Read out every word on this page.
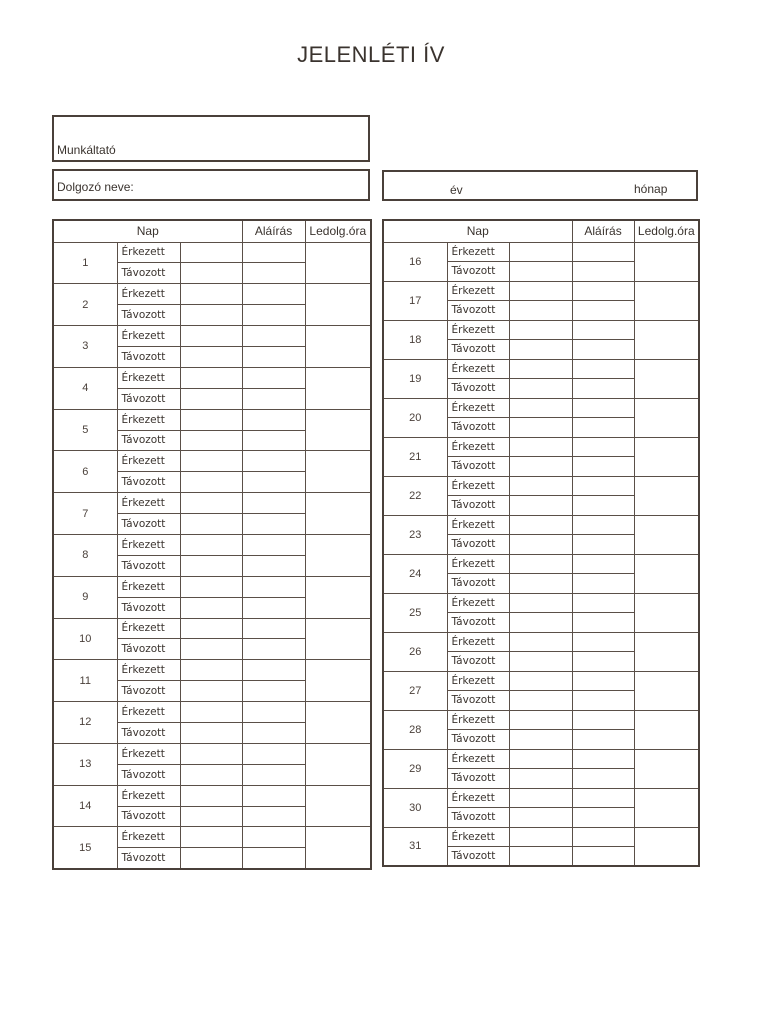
JELENLÉTI ÍV
Munkáltató
Dolgozó neve:	év	hónap
Nap			Aláírás	Ledolg.óra
1	Érkezett			
	Távozott			
2	Érkezett			
	Távozott			
3	Érkezett			
	Távozott			
4	Érkezett			
	Távozott			
5	Érkezett			
	Távozott			
6	Érkezett			
	Távozott			
7	Érkezett			
	Távozott			
8	Érkezett			
	Távozott			
9	Érkezett			
	Távozott			
10	Érkezett			
	Távozott			
11	Érkezett			
	Távozott			
12	Érkezett			
	Távozott			
13	Érkezett			
	Távozott			
14	Érkezett			
	Távozott			
15	Érkezett			
	Távozott			
Nap			Aláírás	Ledolg.óra
16	Érkezett			
	Távozott			
17	Érkezett			
	Távozott			
18	Érkezett			
	Távozott			
19	Érkezett			
	Távozott			
20	Érkezett			
	Távozott			
21	Érkezett			
	Távozott			
22	Érkezett			
	Távozott			
23	Érkezett			
	Távozott			
24	Érkezett			
	Távozott			
25	Érkezett			
	Távozott			
26	Érkezett			
	Távozott			
27	Érkezett			
	Távozott			
28	Érkezett			
	Távozott			
29	Érkezett			
	Távozott			
30	Érkezett			
	Távozott			
31	Érkezett			
	Távozott			
